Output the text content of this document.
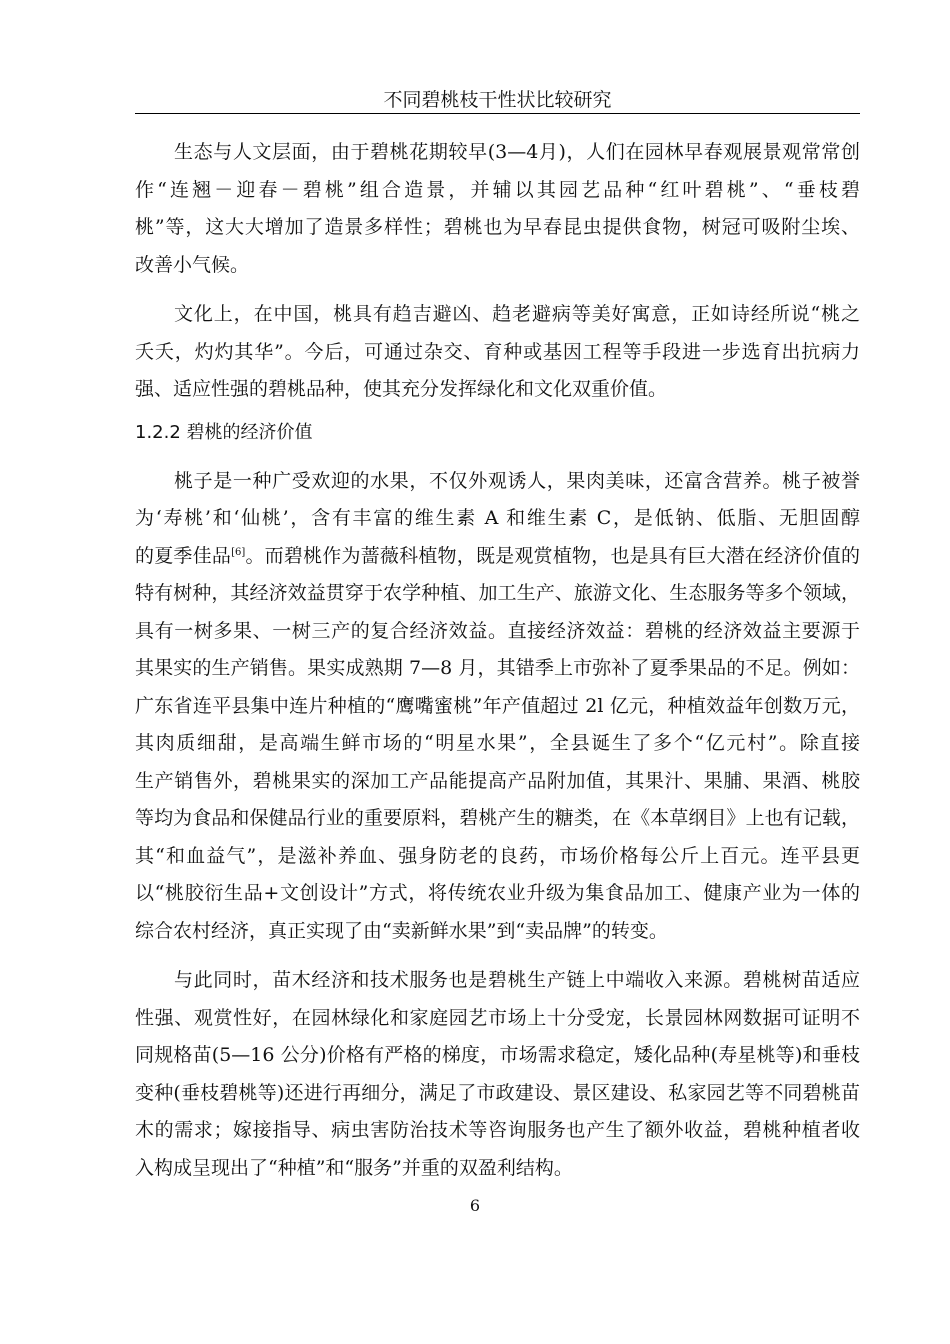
不同碧桃枝干性状比较研究
生态与人文层面，由于碧桃花期较早(3—4月)，人们在园林早春观展景观常常创
作“连翘－迎春－碧桃”组合造景，并辅以其园艺品种“红叶碧桃”、“垂枝碧
桃”等，这大大增加了造景多样性；碧桃也为早春昆虫提供食物，树冠可吸附尘埃、
改善小气候。
文化上，在中国，桃具有趋吉避凶、趋老避病等美好寓意，正如诗经所说“桃之
夭夭，灼灼其华”。今后，可通过杂交、育种或基因工程等手段进一步选育出抗病力
强、适应性强的碧桃品种，使其充分发挥绿化和文化双重价值。
1.2.2 碧桃的经济价值
桃子是一种广受欢迎的水果，不仅外观诱人，果肉美味，还富含营养。桃子被誉
为‘寿桃’和‘仙桃’，含有丰富的维生素 A 和维生素 C，是低钠、低脂、无胆固醇
的夏季佳品[6]。而碧桃作为蔷薇科植物，既是观赏植物，也是具有巨大潜在经济价值的
特有树种，其经济效益贯穿于农学种植、加工生产、旅游文化、生态服务等多个领域，
具有一树多果、一树三产的复合经济效益。直接经济效益：碧桃的经济效益主要源于
其果实的生产销售。果实成熟期 7—8 月，其错季上市弥补了夏季果品的不足。例如：
广东省连平县集中连片种植的“鹰嘴蜜桃”年产值超过 2l 亿元，种植效益年创数万元，
其肉质细甜，是高端生鲜市场的“明星水果”，全县诞生了多个“亿元村”。除直接
生产销售外，碧桃果实的深加工产品能提高产品附加值，其果汁、果脯、果酒、桃胶
等均为食品和保健品行业的重要原料，碧桃产生的糖类，在《本草纲目》上也有记载，
其“和血益气”，是滋补养血、强身防老的良药，市场价格每公斤上百元。连平县更
以“桃胶衍生品+文创设计”方式，将传统农业升级为集食品加工、健康产业为一体的
综合农村经济，真正实现了由“卖新鲜水果”到“卖品牌”的转变。
与此同时，苗木经济和技术服务也是碧桃生产链上中端收入来源。碧桃树苗适应
性强、观赏性好，在园林绿化和家庭园艺市场上十分受宠，长景园林网数据可证明不
同规格苗(5—16 公分)价格有严格的梯度，市场需求稳定，矮化品种(寿星桃等)和垂枝
变种(垂枝碧桃等)还进行再细分，满足了市政建设、景区建设、私家园艺等不同碧桃苗
木的需求；嫁接指导、病虫害防治技术等咨询服务也产生了额外收益，碧桃种植者收
入构成呈现出了“种植”和“服务”并重的双盈利结构。
6
